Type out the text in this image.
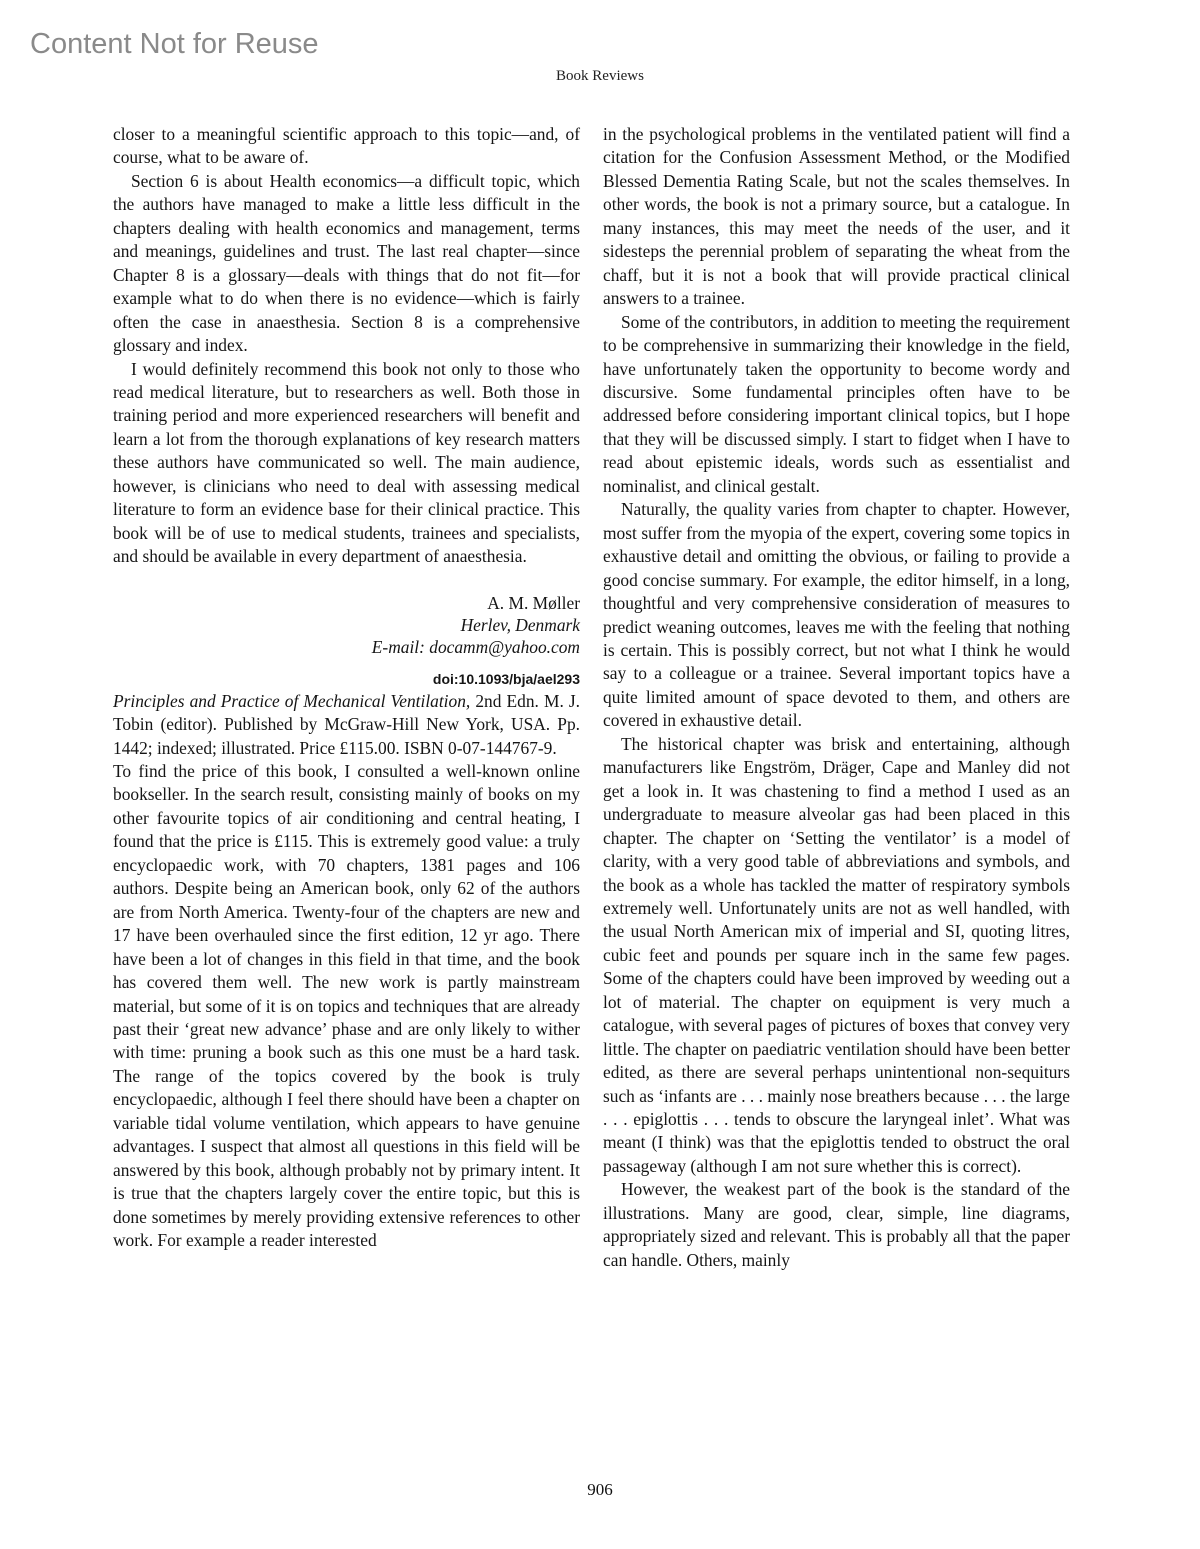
Content Not for Reuse
Book Reviews

closer to a meaningful scientific approach to this topic—and, of course, what to be aware of.

Section 6 is about Health economics—a difficult topic, which the authors have managed to make a little less difficult in the chapters dealing with health economics and management, terms and meanings, guidelines and trust. The last real chapter—since Chapter 8 is a glossary—deals with things that do not fit—for example what to do when there is no evidence—which is fairly often the case in anaesthesia. Section 8 is a comprehensive glossary and index.

I would definitely recommend this book not only to those who read medical literature, but to researchers as well. Both those in training period and more experienced researchers will benefit and learn a lot from the thorough explanations of key research matters these authors have communicated so well. The main audience, however, is clinicians who need to deal with assessing medical literature to form an evidence base for their clinical practice. This book will be of use to medical students, trainees and specialists, and should be available in every department of anaesthesia.

A. M. Møller
Herlev, Denmark
E-mail: docamm@yahoo.com
doi:10.1093/bja/ael293

Principles and Practice of Mechanical Ventilation, 2nd Edn. M. J. Tobin (editor). Published by McGraw-Hill New York, USA. Pp. 1442; indexed; illustrated. Price £115.00. ISBN 0-07-144767-9.

To find the price of this book, I consulted a well-known online bookseller. In the search result, consisting mainly of books on my other favourite topics of air conditioning and central heating, I found that the price is £115. This is extremely good value: a truly encyclopaedic work, with 70 chapters, 1381 pages and 106 authors. Despite being an American book, only 62 of the authors are from North America. Twenty-four of the chapters are new and 17 have been overhauled since the first edition, 12 yr ago. There have been a lot of changes in this field in that time, and the book has covered them well. The new work is partly mainstream material, but some of it is on topics and techniques that are already past their ‘great new advance’ phase and are only likely to wither with time: pruning a book such as this one must be a hard task. The range of the topics covered by the book is truly encyclopaedic, although I feel there should have been a chapter on variable tidal volume ventilation, which appears to have genuine advantages. I suspect that almost all questions in this field will be answered by this book, although probably not by primary intent. It is true that the chapters largely cover the entire topic, but this is done sometimes by merely providing extensive references to other work. For example a reader interested

in the psychological problems in the ventilated patient will find a citation for the Confusion Assessment Method, or the Modified Blessed Dementia Rating Scale, but not the scales themselves. In other words, the book is not a primary source, but a catalogue. In many instances, this may meet the needs of the user, and it sidesteps the perennial problem of separating the wheat from the chaff, but it is not a book that will provide practical clinical answers to a trainee.

Some of the contributors, in addition to meeting the requirement to be comprehensive in summarizing their knowledge in the field, have unfortunately taken the opportunity to become wordy and discursive. Some fundamental principles often have to be addressed before considering important clinical topics, but I hope that they will be discussed simply. I start to fidget when I have to read about epistemic ideals, words such as essentialist and nominalist, and clinical gestalt.

Naturally, the quality varies from chapter to chapter. However, most suffer from the myopia of the expert, covering some topics in exhaustive detail and omitting the obvious, or failing to provide a good concise summary. For example, the editor himself, in a long, thoughtful and very comprehensive consideration of measures to predict weaning outcomes, leaves me with the feeling that nothing is certain. This is possibly correct, but not what I think he would say to a colleague or a trainee. Several important topics have a quite limited amount of space devoted to them, and others are covered in exhaustive detail.

The historical chapter was brisk and entertaining, although manufacturers like Engström, Dräger, Cape and Manley did not get a look in. It was chastening to find a method I used as an undergraduate to measure alveolar gas had been placed in this chapter. The chapter on ‘Setting the ventilator’ is a model of clarity, with a very good table of abbreviations and symbols, and the book as a whole has tackled the matter of respiratory symbols extremely well. Unfortunately units are not as well handled, with the usual North American mix of imperial and SI, quoting litres, cubic feet and pounds per square inch in the same few pages. Some of the chapters could have been improved by weeding out a lot of material. The chapter on equipment is very much a catalogue, with several pages of pictures of boxes that convey very little. The chapter on paediatric ventilation should have been better edited, as there are several perhaps unintentional non-sequiturs such as ‘infants are . . . mainly nose breathers because . . . the large . . . epiglottis . . . tends to obscure the laryngeal inlet’. What was meant (I think) was that the epiglottis tended to obstruct the oral passageway (although I am not sure whether this is correct).

However, the weakest part of the book is the standard of the illustrations. Many are good, clear, simple, line diagrams, appropriately sized and relevant. This is probably all that the paper can handle. Others, mainly

906
